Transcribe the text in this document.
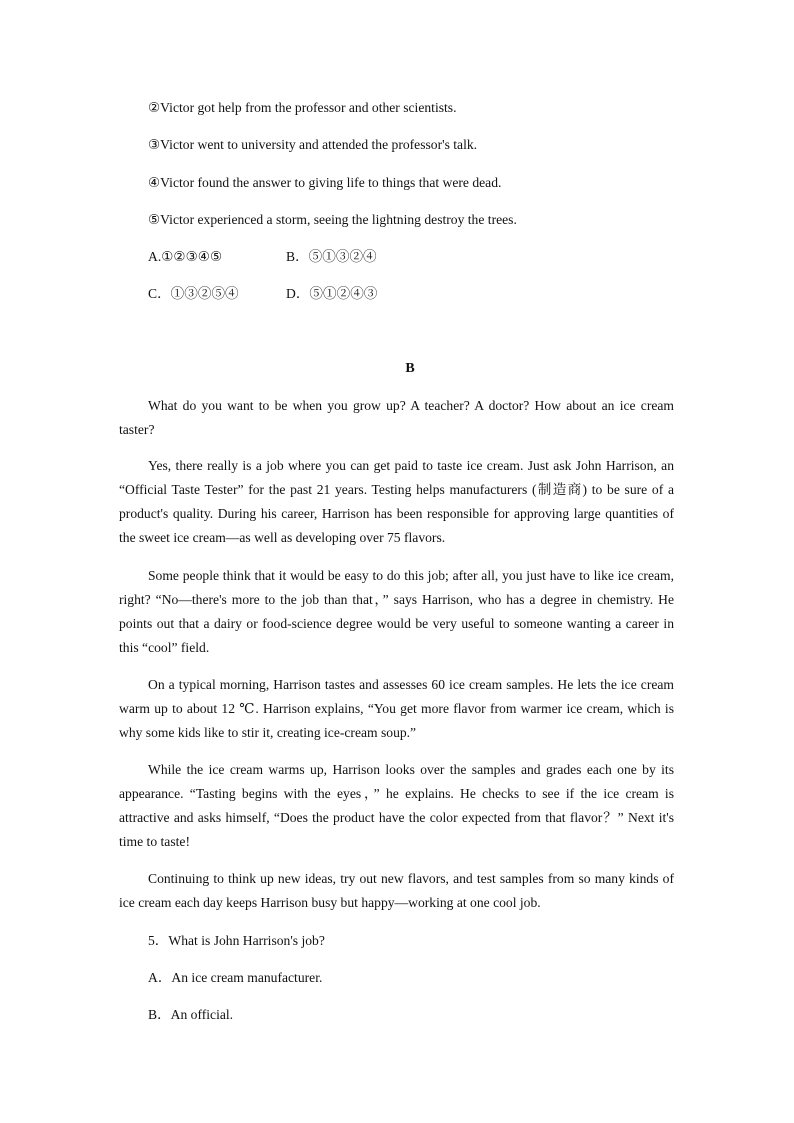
②Victor got help from the professor and other scientists.
③Victor went to university and attended the professor's talk.
④Victor found the answer to giving life to things that were dead.
⑤Victor experienced a storm, seeing the lightning destroy the trees.
A.①②③④⑤	B．⑤①③②④
C．①③②⑤④	D．⑤①②④③
B
What do you want to be when you grow up? A teacher? A doctor? How about an ice cream taster?
Yes, there really is a job where you can get paid to taste ice cream. Just ask John Harrison, an “Official Taste Tester” for the past 21 years. Testing helps manufacturers (制造商) to be sure of a product's quality. During his career, Harrison has been responsible for approving large quantities of the sweet ice cream—as well as developing over 75 flavors.
Some people think that it would be easy to do this job; after all, you just have to like ice cream, right? “No—there's more to the job than that，” says Harrison, who has a degree in chemistry. He points out that a dairy or food-science degree would be very useful to someone wanting a career in this “cool” field.
On a typical morning, Harrison tastes and assesses 60 ice cream samples. He lets the ice cream warm up to about 12 ℃. Harrison explains, “You get more flavor from warmer ice cream, which is why some kids like to stir it, creating ice-cream soup.”
While the ice cream warms up, Harrison looks over the samples and grades each one by its appearance. “Tasting begins with the eyes，” he explains. He checks to see if the ice cream is attractive and asks himself, “Does the product have the color expected from that flavor？” Next it's time to taste!
Continuing to think up new ideas, try out new flavors, and test samples from so many kinds of ice cream each day keeps Harrison busy but happy—working at one cool job.
5．What is John Harrison's job?
A．An ice cream manufacturer.
B．An official.
